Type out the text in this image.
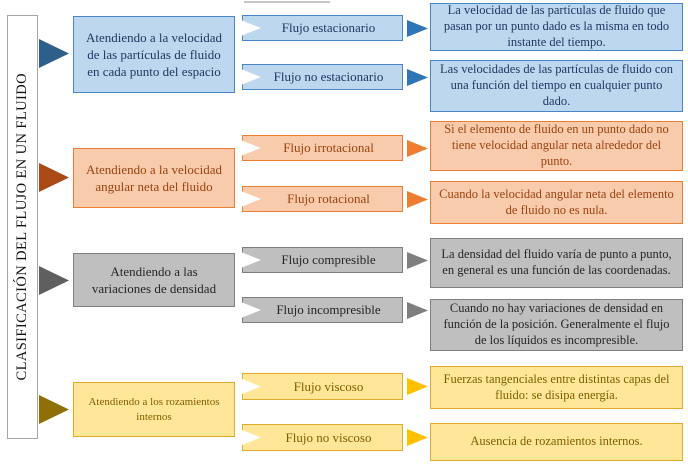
CLASIFICACIÓN DEL FLUJO EN UN FLUIDO
Atendiendo a la velocidad de las partículas de fluido en cada punto del espacio
Flujo estacionario
La velocidad de las partículas de fluido que pasan por un punto dado es la misma en todo instante del tiempo.
Flujo no estacionario	Las velocidades de las partículas de fluido con una función del tiempo en cualquier punto dado.
Atendiendo a la velocidad angular neta del fluido
Flujo irrotacional
Si el elemento de fluido en un punto dado no tiene velocidad angular neta alrededor del punto.
Flujo rotacional	Cuando la velocidad angular neta del elemento de fluido no es nula.
Atendiendo a las variaciones de densidad
Flujo compresible	La densidad del fluido varía de punto a punto, en general es una función de las coordenadas.
Flujo incompresible	Cuando no hay variaciones de densidad en función de la posición. Generalmente el flujo de los líquidos es incompresible.
Atendiendo a los rozamientos internos
Flujo viscoso	Fuerzas tangenciales entre distintas capas del fluido: se disipa energía.
Flujo no viscoso	Ausencia de rozamientos internos.
